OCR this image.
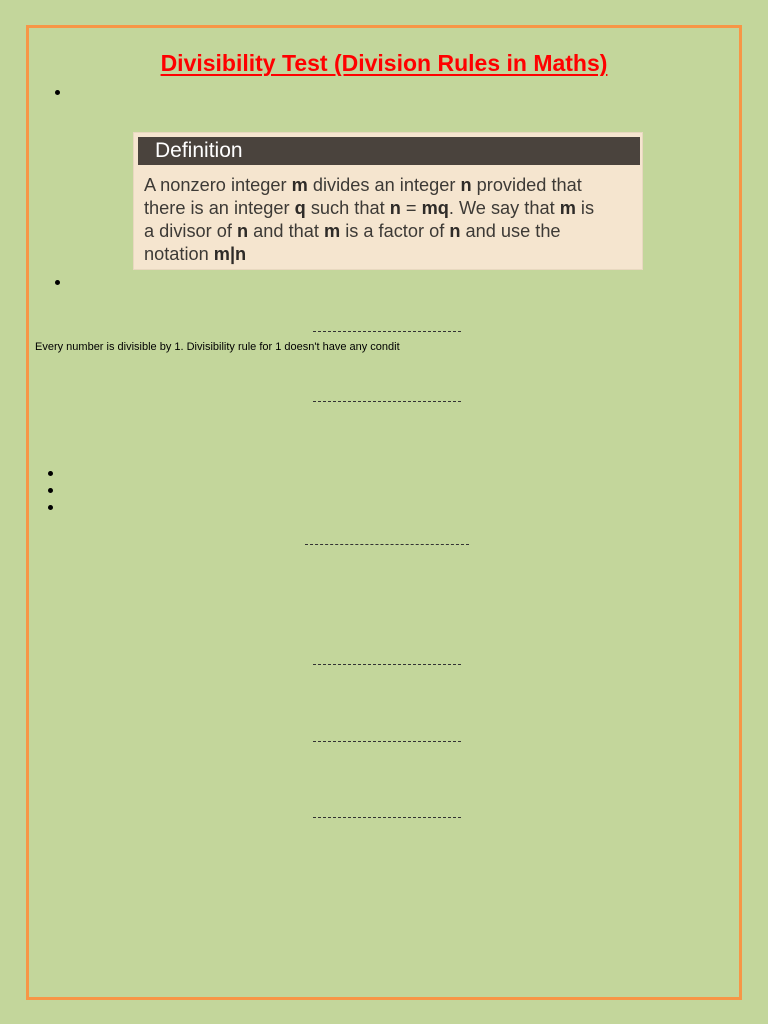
Divisibility Test (Division Rules in Maths)
Definition
A nonzero integer m divides an integer n provided that
there is an integer q such that n = mq. We say that m is
a divisor of n and that m is a factor of n and use the
notation m|n
Every number is divisible by 1. Divisibility rule for 1 doesn't have any condit
